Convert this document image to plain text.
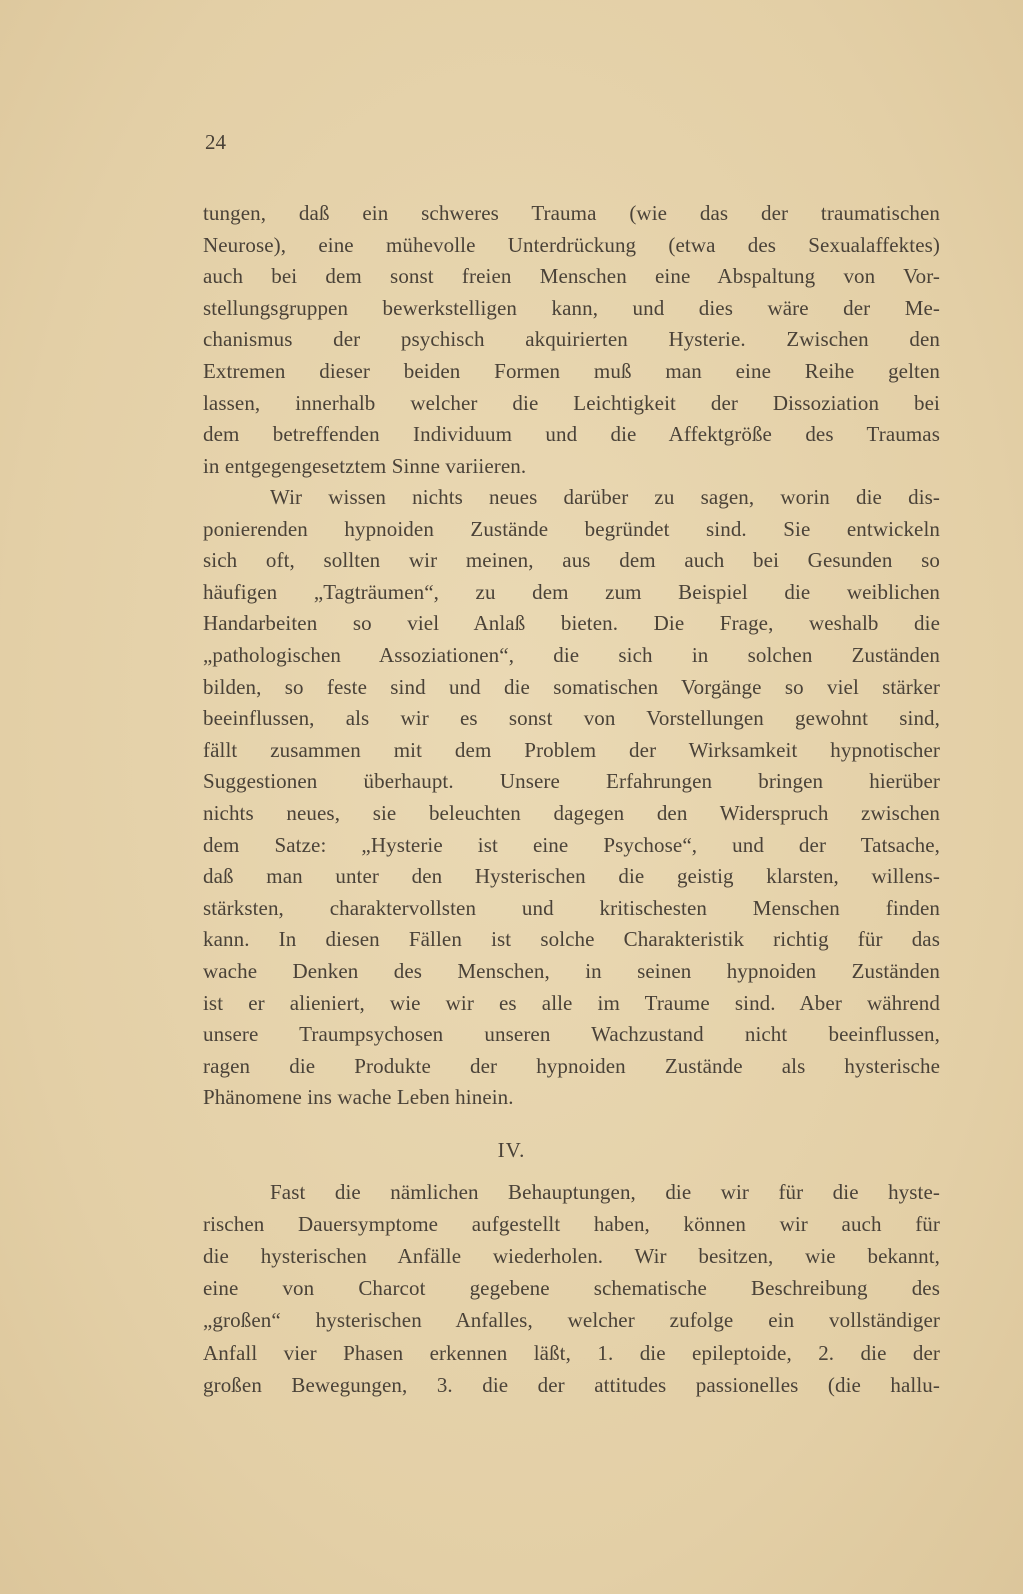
24
tungen, daß ein schweres Trauma (wie das der traumatischen
Neurose), eine mühevolle Unterdrückung (etwa des Sexualaffektes)
auch bei dem sonst freien Menschen eine Abspaltung von Vor-
stellungsgruppen bewerkstelligen kann, und dies wäre der Me-
chanismus der psychisch akquirierten Hysterie. Zwischen den
Extremen dieser beiden Formen muß man eine Reihe gelten
lassen, innerhalb welcher die Leichtigkeit der Dissoziation bei
dem betreffenden Individuum und die Affektgröße des Traumas
in entgegengesetztem Sinne variieren.
Wir wissen nichts neues darüber zu sagen, worin die dis-
ponierenden hypnoiden Zustände begründet sind. Sie entwickeln
sich oft, sollten wir meinen, aus dem auch bei Gesunden so
häufigen „Tagträumen“, zu dem zum Beispiel die weiblichen
Handarbeiten so viel Anlaß bieten. Die Frage, weshalb die
„pathologischen Assoziationen“, die sich in solchen Zuständen
bilden, so feste sind und die somatischen Vorgänge so viel stärker
beeinflussen, als wir es sonst von Vorstellungen gewohnt sind,
fällt zusammen mit dem Problem der Wirksamkeit hypnotischer
Suggestionen überhaupt. Unsere Erfahrungen bringen hierüber
nichts neues, sie beleuchten dagegen den Widerspruch zwischen
dem Satze: „Hysterie ist eine Psychose“, und der Tatsache,
daß man unter den Hysterischen die geistig klarsten, willens-
stärksten, charaktervollsten und kritischesten Menschen finden
kann. In diesen Fällen ist solche Charakteristik richtig für das
wache Denken des Menschen, in seinen hypnoiden Zuständen
ist er alieniert, wie wir es alle im Traume sind. Aber während
unsere Traumpsychosen unseren Wachzustand nicht beeinflussen,
ragen die Produkte der hypnoiden Zustände als hysterische
Phänomene ins wache Leben hinein.
IV.
Fast die nämlichen Behauptungen, die wir für die hyste-
rischen Dauersymptome aufgestellt haben, können wir auch für
die hysterischen Anfälle wiederholen. Wir besitzen, wie bekannt,
eine von Charcot gegebene schematische Beschreibung des
„großen“ hysterischen Anfalles, welcher zufolge ein vollständiger
Anfall vier Phasen erkennen läßt, 1. die epileptoide, 2. die der
großen Bewegungen, 3. die der attitudes passionelles (die hallu-
